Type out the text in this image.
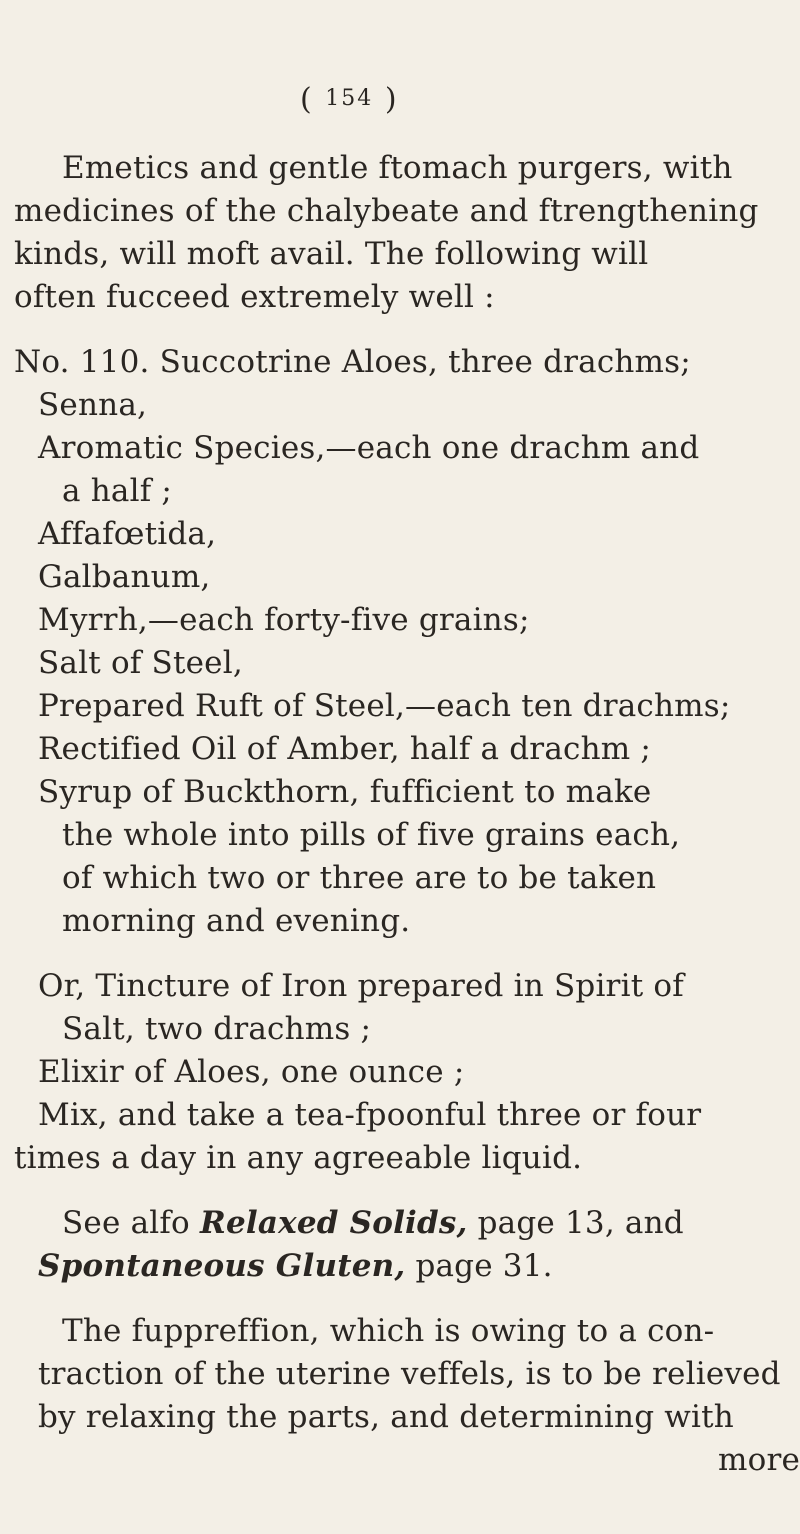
( 154 )
Emetics and gentle ftomach purgers, with
medicines of the chalybeate and ftrengthening
kinds, will moft avail. The following will
often fucceed extremely well :
No. 110. Succotrine Aloes, three drachms;
Senna,
Aromatic Species,—each one drachm and
a half ;
Affafœtida,
Galbanum,
Myrrh,—each forty-five grains;
Salt of Steel,
Prepared Ruft of Steel,—each ten drachms;
Rectified Oil of Amber, half a drachm ;
Syrup of Buckthorn, fufficient to make
the whole into pills of five grains each,
of which two or three are to be taken
morning and evening.
Or, Tincture of Iron prepared in Spirit of
Salt, two drachms ;
Elixir of Aloes, one ounce ;
Mix, and take a tea-fpoonful three or four
times a day in any agreeable liquid.
See alfo Relaxed Solids, page 13, and
Spontaneous Gluten, page 31.
The fuppreffion, which is owing to a con-
traction of the uterine veffels, is to be relieved
by relaxing the parts, and determining with
more
